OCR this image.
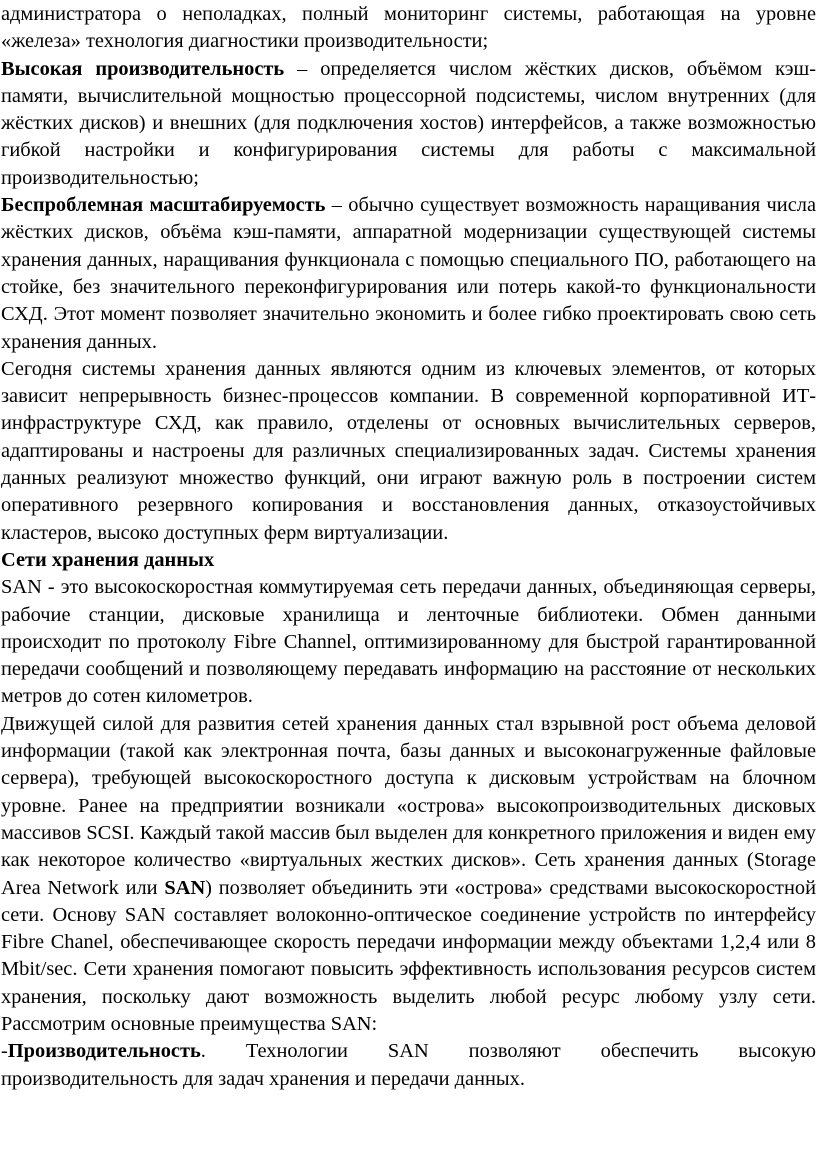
администратора о неполадках, полный мониторинг системы, работающая на уровне «железа» технология диагностики производительности;

Высокая производительность – определяется числом жёстких дисков, объёмом кэш-памяти, вычислительной мощностью процессорной подсистемы, числом внутренних (для жёстких дисков) и внешних (для подключения хостов) интерфейсов, а также возможностью гибкой настройки и конфигурирования системы для работы с максимальной производительностью;

Беспроблемная масштабируемость – обычно существует возможность наращивания числа жёстких дисков, объёма кэш-памяти, аппаратной модернизации существующей системы хранения данных, наращивания функционала с помощью специального ПО, работающего на стойке, без значительного переконфигурирования или потерь какой-то функциональности СХД. Этот момент позволяет значительно экономить и более гибко проектировать свою сеть хранения данных.

Сегодня системы хранения данных являются одним из ключевых элементов, от которых зависит непрерывность бизнес-процессов компании. В современной корпоративной ИТ-инфраструктуре СХД, как правило, отделены от основных вычислительных серверов, адаптированы и настроены для различных специализированных задач. Системы хранения данных реализуют множество функций, они играют важную роль в построении систем оперативного резервного копирования и восстановления данных, отказоустойчивых кластеров, высоко доступных ферм виртуализации.

Сети хранения данных

SAN - это высокоскоростная коммутируемая сеть передачи данных, объединяющая серверы, рабочие станции, дисковые хранилища и ленточные библиотеки. Обмен данными происходит по протоколу Fibre Channel, оптимизированному для быстрой гарантированной передачи сообщений и позволяющему передавать информацию на расстояние от нескольких метров до сотен километров.

Движущей силой для развития сетей хранения данных стал взрывной рост объема деловой информации (такой как электронная почта, базы данных и высоконагруженные файловые сервера), требующей высокоскоростного доступа к дисковым устройствам на блочном уровне. Ранее на предприятии возникали «острова» высокопроизводительных дисковых массивов SCSI. Каждый такой массив был выделен для конкретного приложения и виден ему как некоторое количество «виртуальных жестких дисков». Сеть хранения данных (Storage Area Network или SAN) позволяет объединить эти «острова» средствами высокоскоростной сети. Основу SAN составляет волоконно-оптическое соединение устройств по интерфейсу Fibre Chanel, обеспечивающее скорость передачи информации между объектами 1,2,4 или 8 Mbit/sec. Сети хранения помогают повысить эффективность использования ресурсов систем хранения, поскольку дают возможность выделить любой ресурс любому узлу сети. Рассмотрим основные преимущества SAN:

-Производительность. Технологии SAN позволяют обеспечить высокую производительность для задач хранения и передачи данных.
